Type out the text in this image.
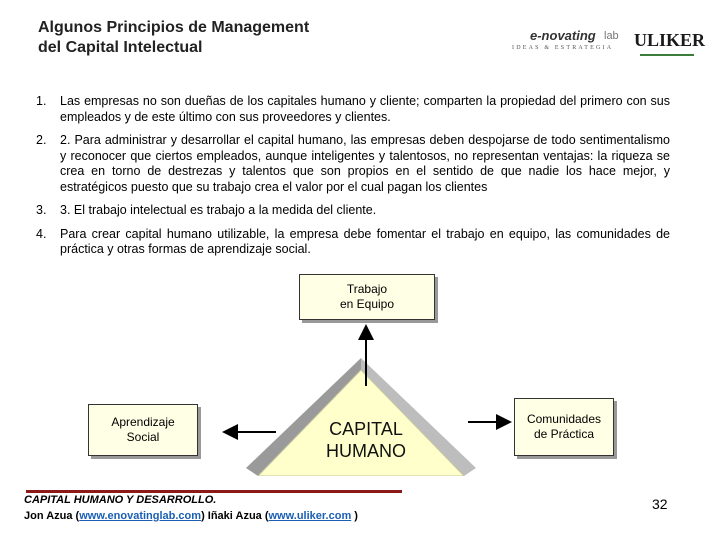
Algunos Principios de Management
del Capital Intelectual
e-novating lab
IDEAS & ESTRATEGIA ULIKER
1. Las empresas no son dueñas de los capitales humano y cliente; comparten la propiedad del primero con sus empleados y de este último con sus proveedores y clientes.
2. 2. Para administrar y desarrollar el capital humano, las empresas deben despojarse de todo sentimentalismo y reconocer que ciertos empleados, aunque inteligentes y talentosos, no representan ventajas: la riqueza se crea en torno de destrezas y talentos que son propios en el sentido de que nadie los hace mejor, y estratégicos puesto que su trabajo crea el valor por el cual pagan los clientes
3. 3. El trabajo intelectual es trabajo a la medida del cliente.
4. Para crear capital humano utilizable, la empresa debe fomentar el trabajo en equipo, las comunidades de práctica y otras formas de aprendizaje social.
CAPITAL
HUMANO
Trabajo
en Equipo
Aprendizaje
Social
Comunidades
de Práctica
CAPITAL HUMANO Y DESARROLLO.
Jon Azua (www.enovatinglab.com) Iñaki Azua (www.uliker.com )
32
